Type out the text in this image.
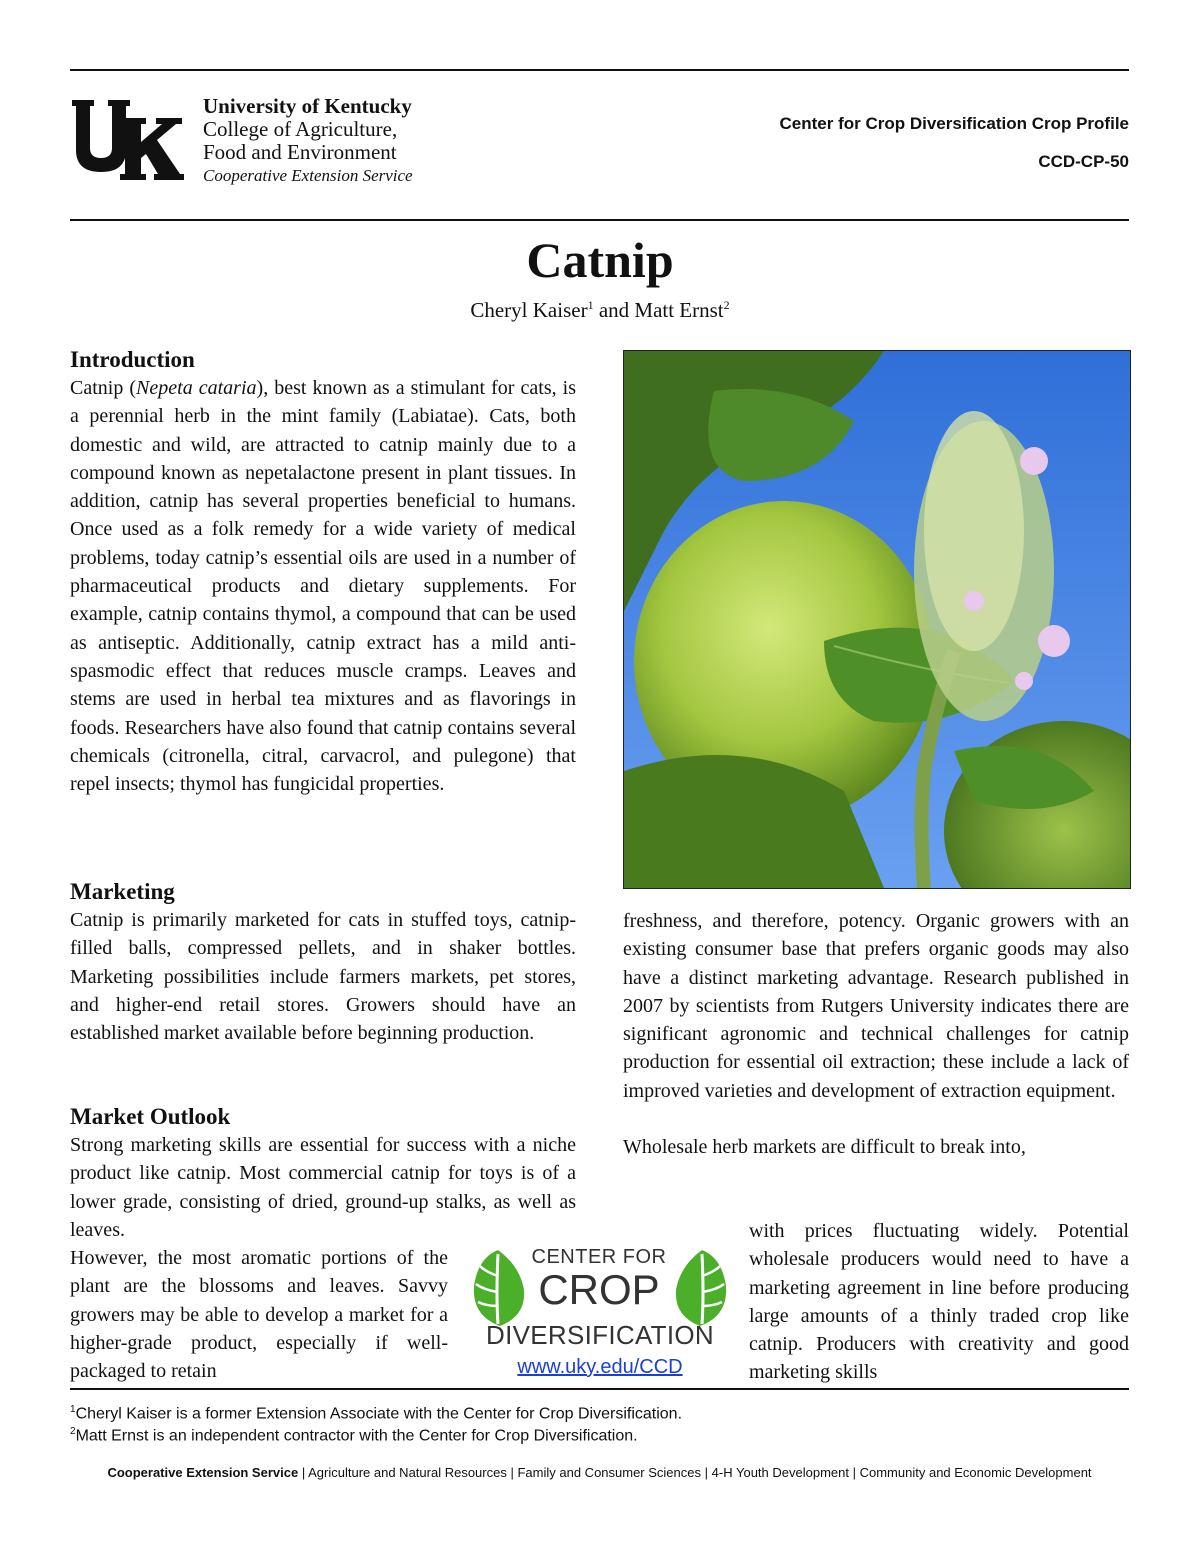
University of Kentucky
College of Agriculture,
Food and Environment
Cooperative Extension Service
Center for Crop Diversification Crop Profile
CCD-CP-50
Catnip
Cheryl Kaiser$^1$ and Matt Ernst$^2$
Introduction

Catnip (Nepeta cataria), best known as a stimulant for cats, is a perennial herb in the mint family (Labiatae). Cats, both domestic and wild, are attracted to catnip mainly due to a compound known as nepetalactone present in plant tissues. In addition, catnip has several properties beneficial to humans. Once used as a folk remedy for a wide variety of medical problems, today catnip’s essential oils are used in a number of pharmaceutical products and dietary supplements. For example, catnip contains thymol, a compound that can be used as antiseptic. Additionally, catnip extract has a mild anti-spasmodic effect that reduces muscle cramps. Leaves and stems are used in herbal tea mixtures and as flavorings in foods. Researchers have also found that catnip contains several chemicals (citronella, citral, carvacrol, and pulegone) that repel insects; thymol has fungicidal properties.

Marketing

Catnip is primarily marketed for cats in stuffed toys, catnip-filled balls, compressed pellets, and in shaker bottles. Marketing possibilities include farmers markets, pet stores, and higher-end retail stores. Growers should have an established market available before beginning production.

Market Outlook

Strong marketing skills are essential for success with a niche product like catnip. Most commercial catnip for toys is of a lower grade, consisting of dried, ground-up stalks, as well as leaves.

However, the most aromatic portions of the plant are the blossoms and leaves. Savvy growers may be able to develop a market for a higher-grade product, especially if well-packaged to retain

freshness, and therefore, potency. Organic growers with an existing consumer base that prefers organic goods may also have a distinct marketing advantage. Research published in 2007 by scientists from Rutgers University indicates there are significant agronomic and technical challenges for catnip production for essential oil extraction; these include a lack of improved varieties and development of extraction equipment.

Wholesale herb markets are difficult to break into,

with prices fluctuating widely. Potential wholesale producers would need to have a marketing agreement in line before producing large amounts of a thinly traded crop like catnip. Producers with creativity and good marketing skills

CENTER FOR
CROP
DIVERSIFICATION
www.uky.edu/CCD
$^1$Cheryl Kaiser is a former Extension Associate with the Center for Crop Diversification.
$^2$Matt Ernst is an independent contractor with the Center for Crop Diversification.
Cooperative Extension Service | Agriculture and Natural Resources | Family and Consumer Sciences | 4-H Youth Development | Community and Economic Development
